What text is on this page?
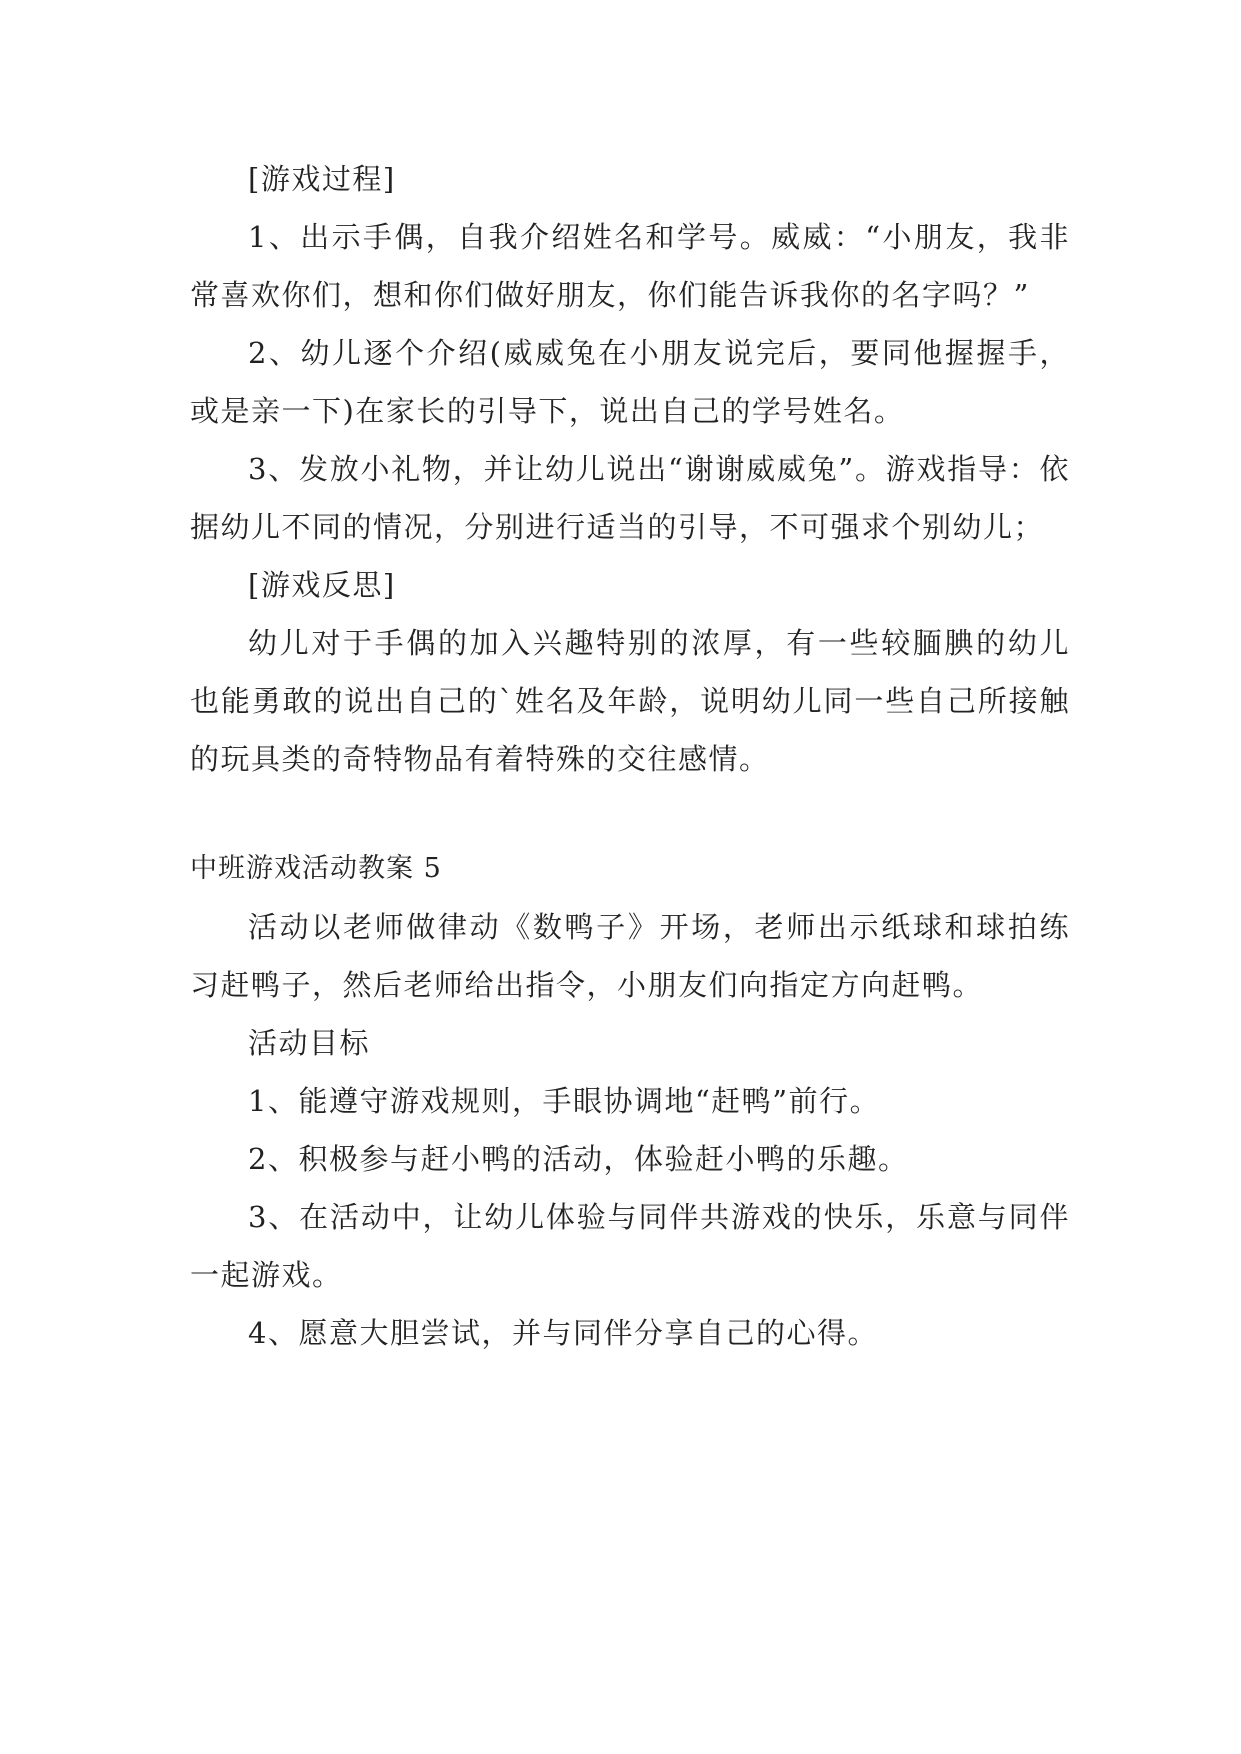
[游戏过程]

1、出示手偶，自我介绍姓名和学号。威威：“小朋友，我非常喜欢你们，想和你们做好朋友，你们能告诉我你的名字吗？”

2、幼儿逐个介绍(威威兔在小朋友说完后，要同他握握手，或是亲一下)在家长的引导下，说出自己的学号姓名。

3、发放小礼物，并让幼儿说出“谢谢威威兔”。游戏指导：依据幼儿不同的情况，分别进行适当的引导，不可强求个别幼儿；

[游戏反思]

幼儿对于手偶的加入兴趣特别的浓厚，有一些较腼腆的幼儿也能勇敢的说出自己的`姓名及年龄，说明幼儿同一些自己所接触的玩具类的奇特物品有着特殊的交往感情。

中班游戏活动教案 5

活动以老师做律动《数鸭子》开场，老师出示纸球和球拍练习赶鸭子，然后老师给出指令，小朋友们向指定方向赶鸭。

活动目标

1、能遵守游戏规则，手眼协调地“赶鸭”前行。

2、积极参与赶小鸭的活动，体验赶小鸭的乐趣。

3、在活动中，让幼儿体验与同伴共游戏的快乐，乐意与同伴一起游戏。

4、愿意大胆尝试，并与同伴分享自己的心得。
